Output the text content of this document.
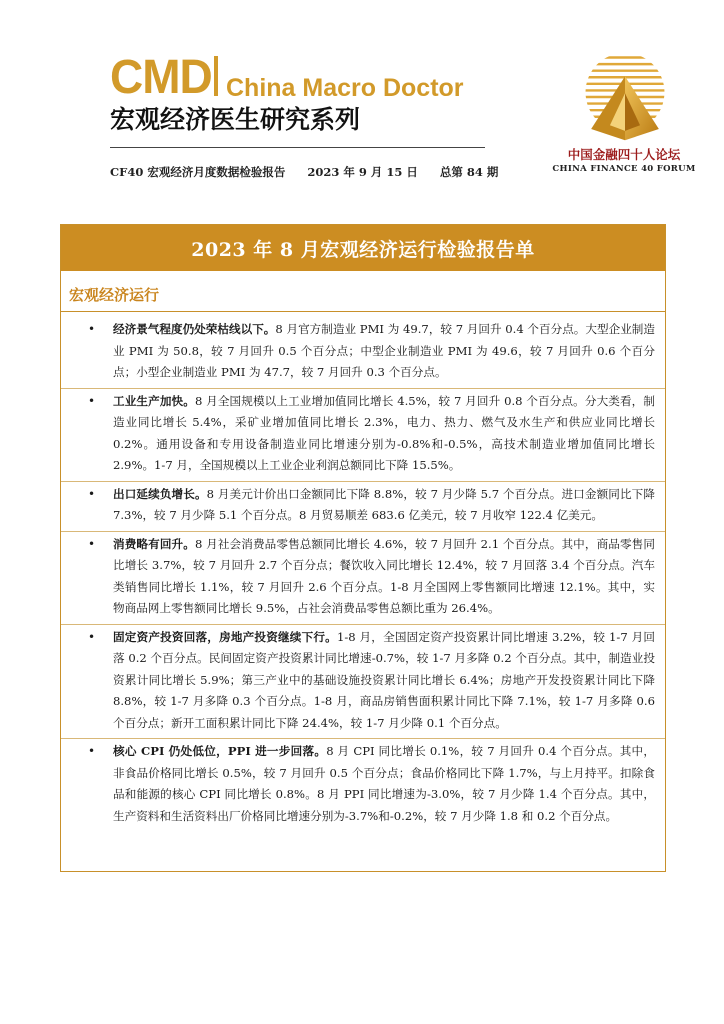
CMD China Macro Doctor
宏观经济医生研究系列
CF40 宏观经济月度数据检验报告 2023 年 9 月 15 日 总第 84 期
中国金融四十人论坛
CHINA FINANCE 40 FORUM
2023 年 8 月宏观经济运行检验报告单
宏观经济运行
• 经济景气程度仍处荣枯线以下。8 月官方制造业 PMI 为 49.7，较 7 月回升 0.4 个百分点。大型企业制造业 PMI 为 50.8，较 7 月回升 0.5 个百分点；中型企业制造业 PMI 为 49.6，较 7 月回升 0.6 个百分点；小型企业制造业 PMI 为 47.7，较 7 月回升 0.3 个百分点。
• 工业生产加快。8 月全国规模以上工业增加值同比增长 4.5%，较 7 月回升 0.8 个百分点。分大类看，制造业同比增长 5.4%，采矿业增加值同比增长 2.3%，电力、热力、燃气及水生产和供应业同比增长 0.2%。通用设备和专用设备制造业同比增速分别为-0.8%和-0.5%，高技术制造业增加值同比增长 2.9%。1-7 月，全国规模以上工业企业利润总额同比下降 15.5%。
• 出口延续负增长。8 月美元计价出口金额同比下降 8.8%，较 7 月少降 5.7 个百分点。进口金额同比下降 7.3%，较 7 月少降 5.1 个百分点。8 月贸易顺差 683.6 亿美元，较 7 月收窄 122.4 亿美元。
• 消费略有回升。8 月社会消费品零售总额同比增长 4.6%，较 7 月回升 2.1 个百分点。其中，商品零售同比增长 3.7%，较 7 月回升 2.7 个百分点；餐饮收入同比增长 12.4%，较 7 月回落 3.4 个百分点。汽车类销售同比增长 1.1%，较 7 月回升 2.6 个百分点。1-8 月全国网上零售额同比增速 12.1%。其中，实物商品网上零售额同比增长 9.5%，占社会消费品零售总额比重为 26.4%。
• 固定资产投资回落，房地产投资继续下行。1-8 月，全国固定资产投资累计同比增速 3.2%，较 1-7 月回落 0.2 个百分点。民间固定资产投资累计同比增速-0.7%，较 1-7 月多降 0.2 个百分点。其中，制造业投资累计同比增长 5.9%；第三产业中的基础设施投资累计同比增长 6.4%；房地产开发投资累计同比下降 8.8%，较 1-7 月多降 0.3 个百分点。1-8 月，商品房销售面积累计同比下降 7.1%，较 1-7 月多降 0.6 个百分点；新开工面积累计同比下降 24.4%，较 1-7 月少降 0.1 个百分点。
• 核心 CPI 仍处低位，PPI 进一步回落。8 月 CPI 同比增长 0.1%，较 7 月回升 0.4 个百分点。其中，非食品价格同比增长 0.5%，较 7 月回升 0.5 个百分点；食品价格同比下降 1.7%，与上月持平。扣除食品和能源的核心 CPI 同比增长 0.8%。8 月 PPI 同比增速为-3.0%，较 7 月少降 1.4 个百分点。其中，生产资料和生活资料出厂价格同比增速分别为-3.7%和-0.2%，较 7 月少降 1.8 和 0.2 个百分点。
